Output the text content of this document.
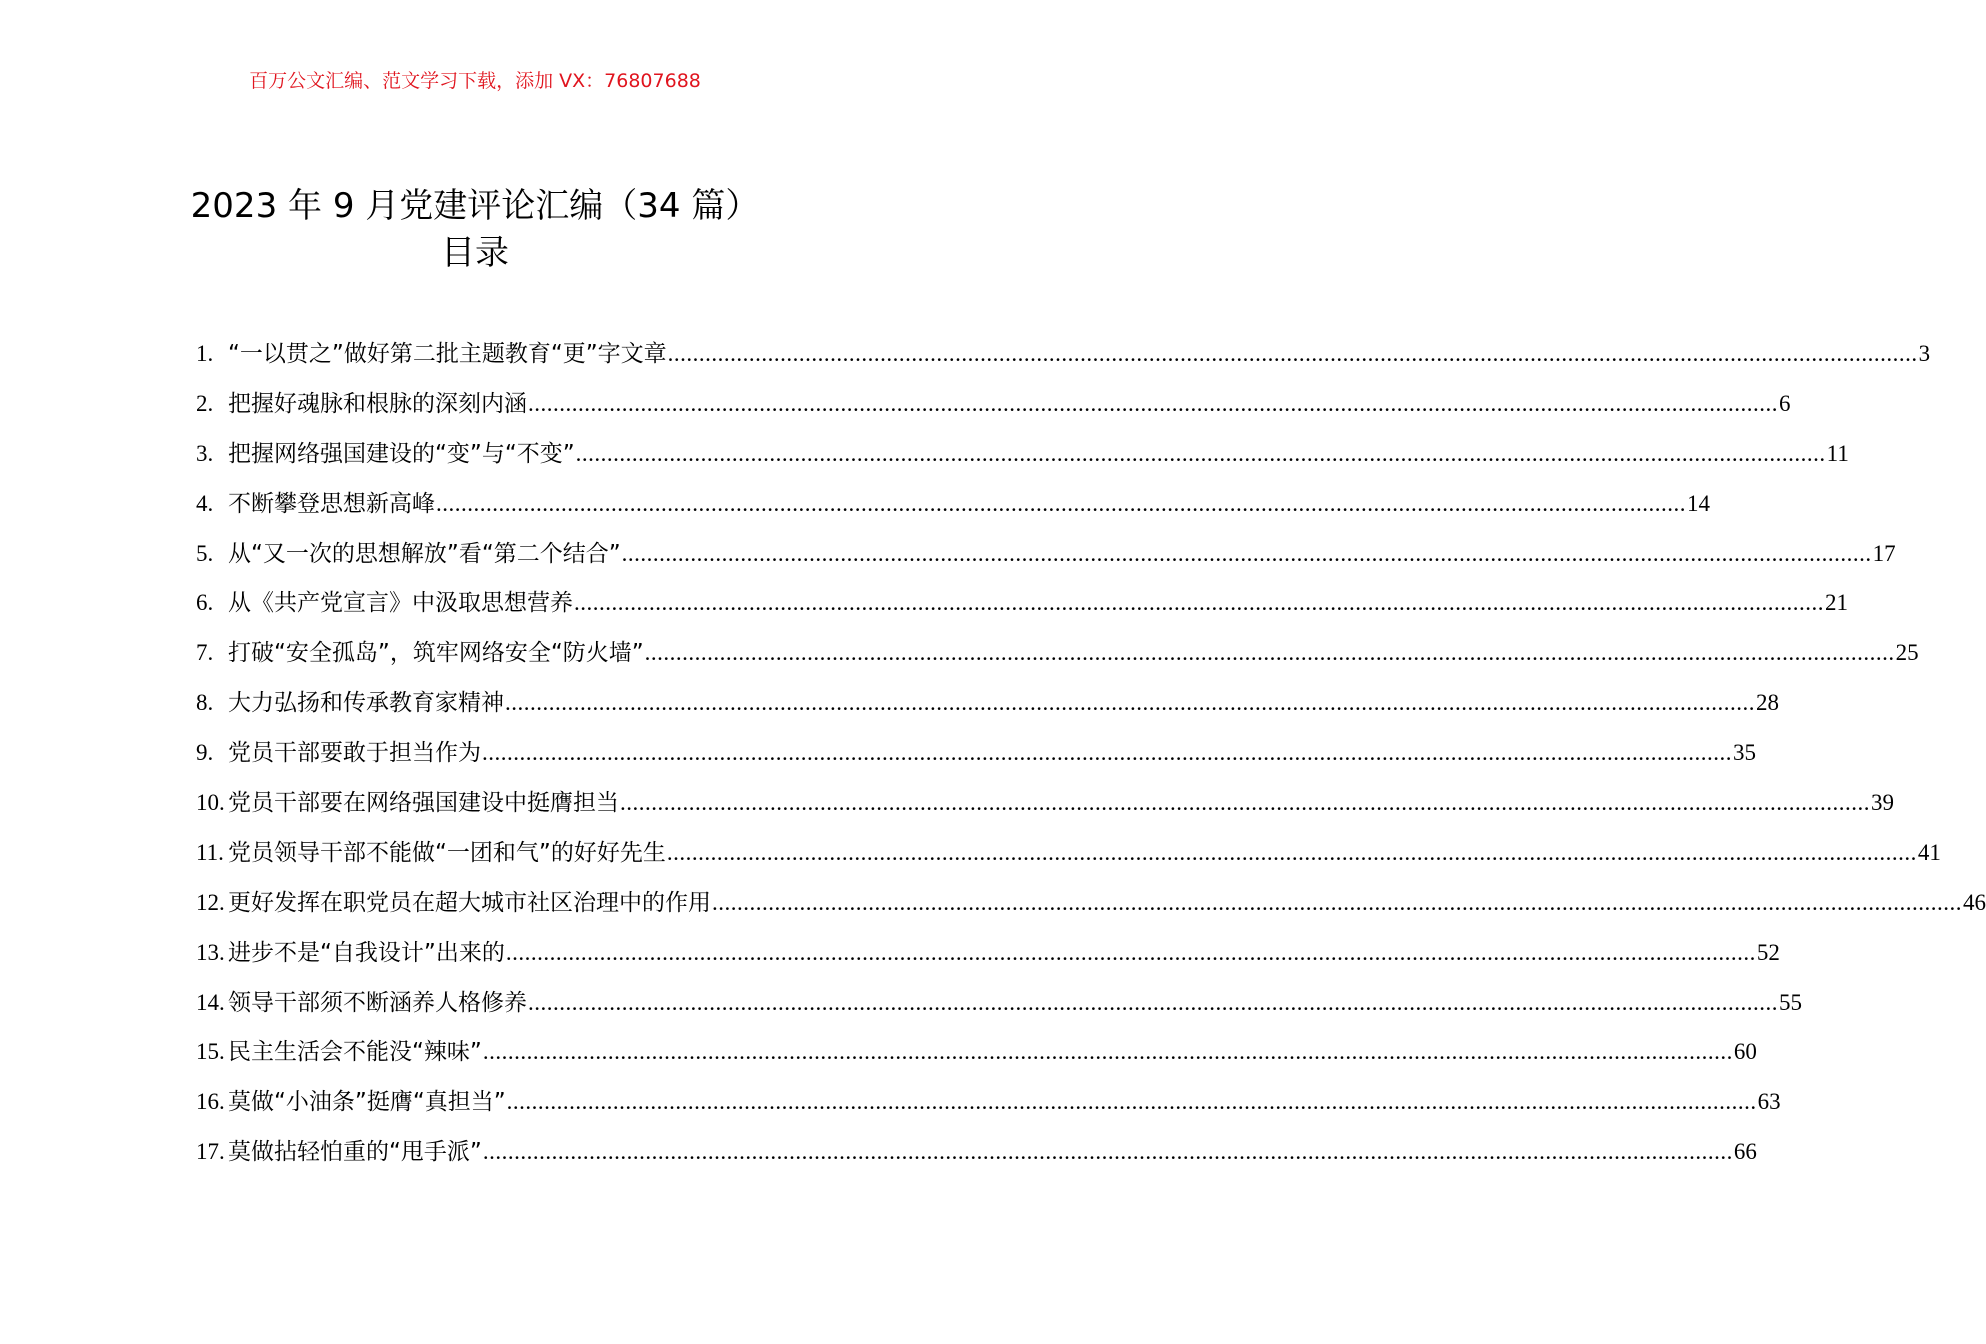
百万公文汇编、范文学习下载，添加 VX：76807688
2023 年 9 月党建评论汇编（34 篇）
目录
1. “一以贯之”做好第二批主题教育“更”字文章 ........................................................................................................................................................................................................ 3
2. 把握好魂脉和根脉的深刻内涵 ........................................................................................................................................................................................................ 6
3. 把握网络强国建设的“变”与“不变” ........................................................................................................................................................................................................ 11
4. 不断攀登思想新高峰 ........................................................................................................................................................................................................ 14
5. 从“又一次的思想解放”看“第二个结合” ........................................................................................................................................................................................................ 17
6. 从《共产党宣言》中汲取思想营养 ........................................................................................................................................................................................................ 21
7. 打破“安全孤岛”，筑牢网络安全“防火墙” ........................................................................................................................................................................................................ 25
8. 大力弘扬和传承教育家精神 ........................................................................................................................................................................................................ 28
9. 党员干部要敢于担当作为 ........................................................................................................................................................................................................ 35
10. 党员干部要在网络强国建设中挺膺担当 ........................................................................................................................................................................................................ 39
11. 党员领导干部不能做“一团和气”的好好先生 ........................................................................................................................................................................................................ 41
12. 更好发挥在职党员在超大城市社区治理中的作用 ........................................................................................................................................................................................................ 46
13. 进步不是“自我设计”出来的 ........................................................................................................................................................................................................ 52
14. 领导干部须不断涵养人格修养 ........................................................................................................................................................................................................ 55
15. 民主生活会不能没“辣味” ........................................................................................................................................................................................................ 60
16. 莫做“小油条”挺膺“真担当” ........................................................................................................................................................................................................ 63
17. 莫做拈轻怕重的“甩手派” ........................................................................................................................................................................................................ 66
